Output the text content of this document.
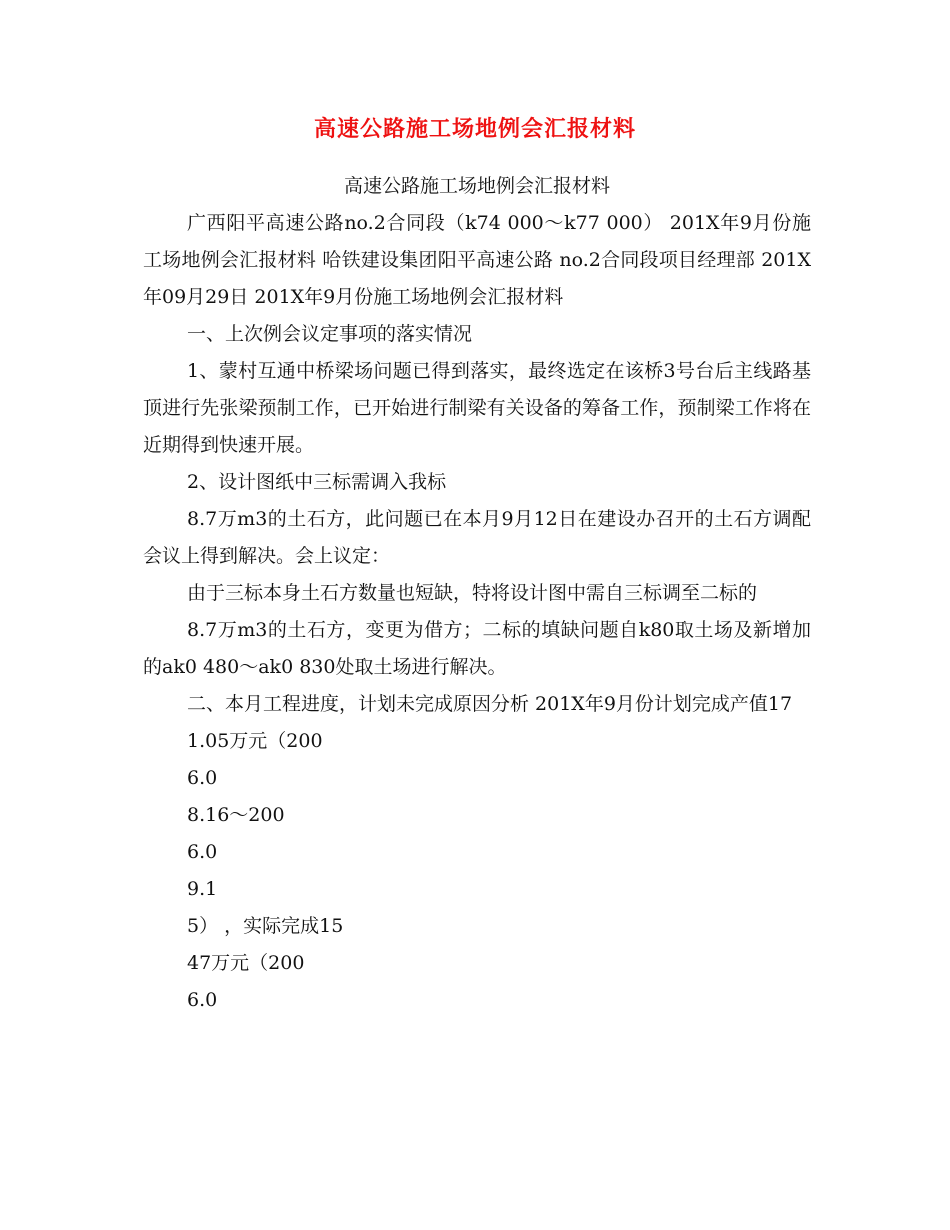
高速公路施工场地例会汇报材料

高速公路施工场地例会汇报材料

广西阳平高速公路no.2合同段（k74 000～k77 000） 201X年9月份施工场地例会汇报材料 哈铁建设集团阳平高速公路 no.2合同段项目经理部 201X年09月29日 201X年9月份施工场地例会汇报材料

一、上次例会议定事项的落实情况

1、蒙村互通中桥梁场问题已得到落实，最终选定在该桥3号台后主线路基顶进行先张梁预制工作，已开始进行制梁有关设备的筹备工作，预制梁工作将在近期得到快速开展。

2、设计图纸中三标需调入我标

8.7万m3的土石方，此问题已在本月9月12日在建设办召开的土石方调配会议上得到解决。会上议定：

由于三标本身土石方数量也短缺，特将设计图中需自三标调至二标的

8.7万m3的土石方，变更为借方；二标的填缺问题自k80取土场及新增加的ak0 480～ak0 830处取土场进行解决。

二、本月工程进度，计划未完成原因分析 201X年9月份计划完成产值17

1.05万元（200

6.0

8.16～200

6.0

9.1

5） ，实际完成15

47万元（200

6.0
